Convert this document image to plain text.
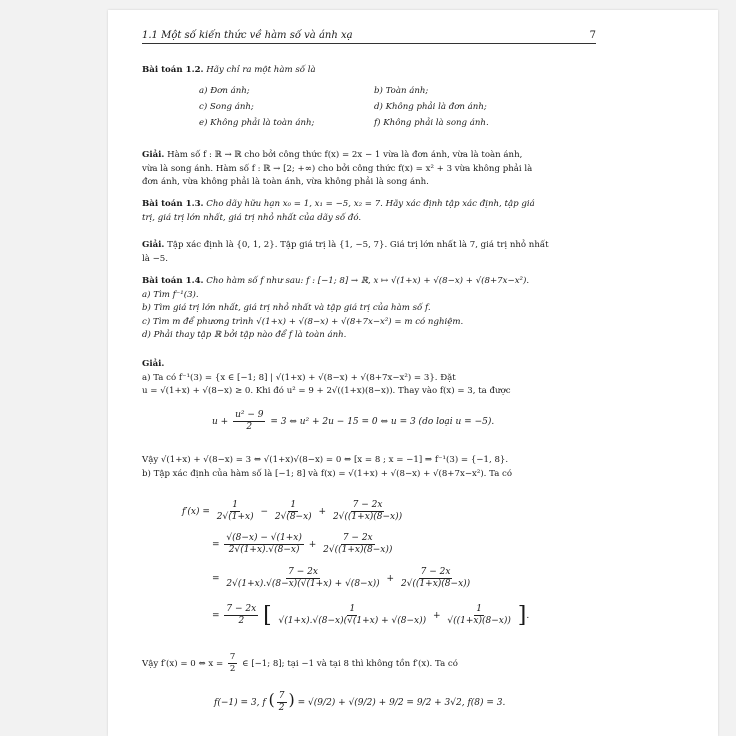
1.1 Một số kiến thức về hàm số và ánh xạ	7

Bài toán 1.2. Hãy chỉ ra một hàm số là

a) Đơn ánh;	b) Toàn ánh;
c) Song ánh;	d) Không phải là đơn ánh;
e) Không phải là toàn ánh;	f) Không phải là song ánh.

Giải. Hàm số f : ℝ → ℝ cho bởi công thức f(x) = 2x − 1 vừa là đơn ánh, vừa là toàn ánh,

vừa là song ánh. Hàm số f : ℝ → [2; +∞) cho bởi công thức f(x) = x² + 3 vừa không phải là

đơn ánh, vừa không phải là toàn ánh, vừa không phải là song ánh.

Bài toán 1.3. Cho dãy hữu hạn x₀ = 1, x₁ = −5, x₂ = 7. Hãy xác định tập xác định, tập giá

trị, giá trị lớn nhất, giá trị nhỏ nhất của dãy số đó.

Giải. Tập xác định là {0, 1, 2}. Tập giá trị là {1, −5, 7}. Giá trị lớn nhất là 7, giá trị nhỏ nhất

là −5.

Bài toán 1.4. Cho hàm số f như sau: f : [−1; 8] → ℝ, x ↦ √(1+x) + √(8−x) + √(8+7x−x²).

a) Tìm f⁻¹(3).

b) Tìm giá trị lớn nhất, giá trị nhỏ nhất và tập giá trị của hàm số f.

c) Tìm m để phương trình √(1+x) + √(8−x) + √(8+7x−x²) = m có nghiệm.

d) Phải thay tập ℝ bởi tập nào để f là toàn ánh.

Giải.

a) Ta có f⁻¹(3) = {x ∈ [−1; 8] | √(1+x) + √(8−x) + √(8+7x−x²) = 3}. Đặt

u = √(1+x) + √(8−x) ≥ 0. Khi đó u² = 9 + 2√((1+x)(8−x)). Thay vào f(x) = 3, ta được

$u + \frac{\text{u² − 9}}{2} = 3$ ⇔ u² + 2u − 15 = 0 ⇔ u = 3 (do loại u = −5).

Vậy √(1+x) + √(8−x) = 3 ⇔ √(1+x)√(8−x) = 0 ⇔ [x = 8 ; x = −1] ⇒ f⁻¹(3) = {−1, 8}.

b) Tập xác định của hàm số là [−1; 8] và f(x) = √(1+x) + √(8−x) + √(8+7x−x²). Ta có

$f'(x) = \frac{1}{2√(1+x)} - \frac{1}{2√(8-x)} + \frac{7 - 2x}{2√((1+x)(8-x))}$
= $\frac{√(8-x) - √(1+x)}{2√(1+x).√(8-x)} + \frac{7 - 2x}{2√((1+x)(8-x))}$
= $\frac{7 - 2x}{2√(1+x).√(8-x)(√(1+x) + √(8-x))} + \frac{7 - 2x}{2√((1+x)(8-x))}$
= $\frac{7 - 2x}{2}$ [ $\frac{1}{√(1+x).√(8-x)(√(1+x) + √(8-x))} + \frac{1}{√((1+x)(8-x))}$ ].
Vậy f′(x) = 0 ⇔ $x = \frac{7}{2}$ ∈ [−1; 8]; tại −1 và tại 8 thì không tồn f′(x). Ta có
f(−1) = 3, f ( $\frac{7}{2}$ ) = √(9/2) + √(9/2) + 9/2 = 9/2 + 3√2, f(8) = 3.
